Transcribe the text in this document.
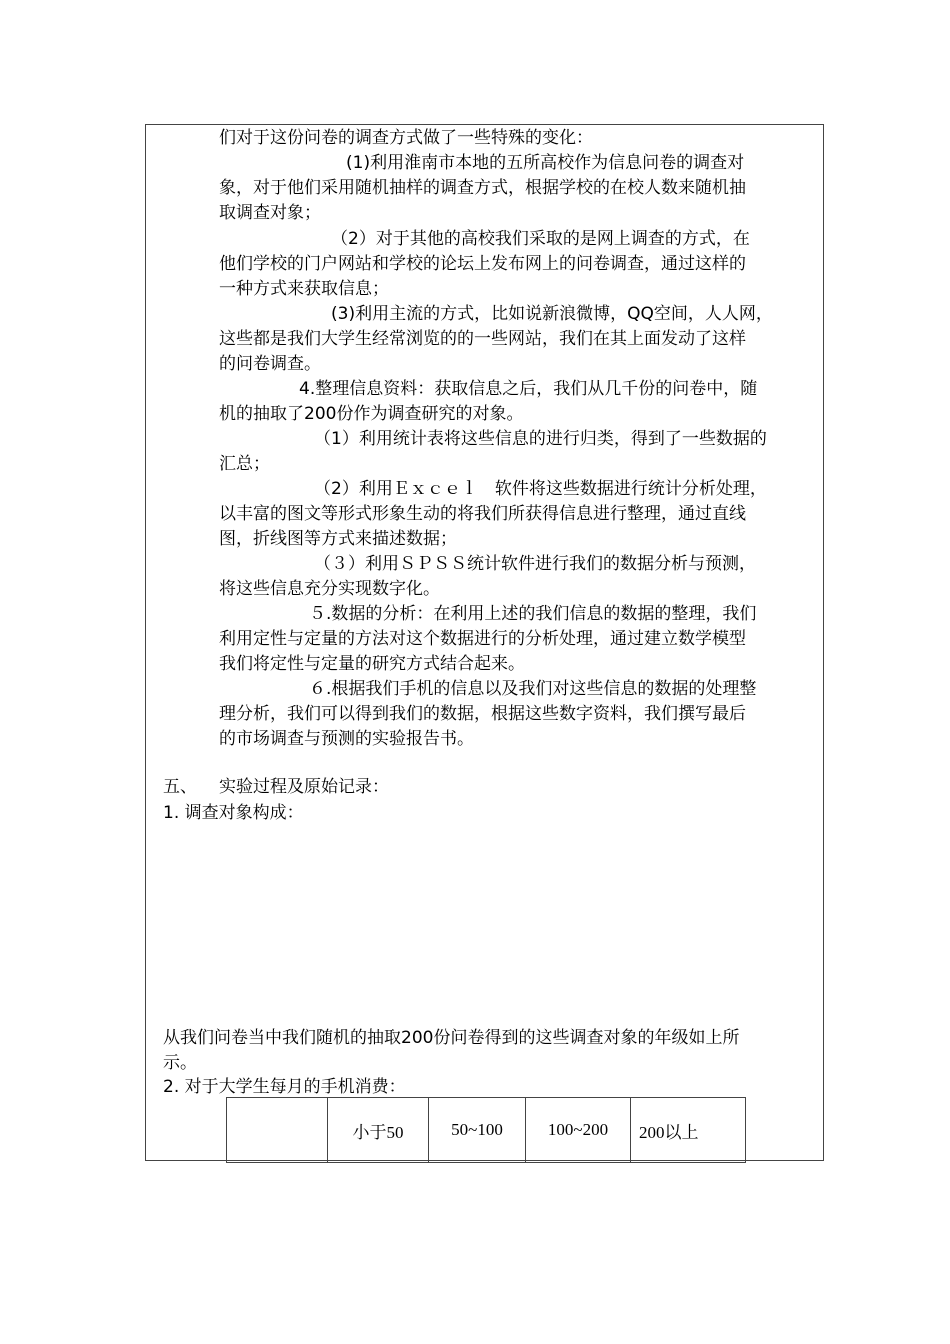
们对于这份问卷的调查方式做了一些特殊的变化：
(1)利用淮南市本地的五所高校作为信息问卷的调查对
象，对于他们采用随机抽样的调查方式，根据学校的在校人数来随机抽
取调查对象；
（2）对于其他的高校我们采取的是网上调查的方式，在
他们学校的门户网站和学校的论坛上发布网上的问卷调查，通过这样的
一种方式来获取信息；
(3)利用主流的方式，比如说新浪微博，QQ空间，人人网，
这些都是我们大学生经常浏览的的一些网站，我们在其上面发动了这样
的问卷调查。
4.整理信息资料：获取信息之后，我们从几千份的问卷中，随
机的抽取了200份作为调查研究的对象。
（1）利用统计表将这些信息的进行归类，得到了一些数据的
汇总；
（2）利用Ｅｘｃｅｌ　软件将这些数据进行统计分析处理，
以丰富的图文等形式形象生动的将我们所获得信息进行整理，通过直线
图，折线图等方式来描述数据；
（３）利用ＳＰＳＳ统计软件进行我们的数据分析与预测，
将这些信息充分实现数字化。
５.数据的分析：在利用上述的我们信息的数据的整理，我们
利用定性与定量的方法对这个数据进行的分析处理，通过建立数学模型
我们将定性与定量的研究方式结合起来。
６.根据我们手机的信息以及我们对这些信息的数据的处理整
理分析，我们可以得到我们的数据，根据这些数字资料，我们撰写最后
的市场调查与预测的实验报告书。
五、 实验过程及原始记录：
1. 调查对象构成：
从我们问卷当中我们随机的抽取200份问卷得到的这些调查对象的年级如上所
示。
2. 对于大学生每月的手机消费：
	小于50	50~100	100~200	200以上
